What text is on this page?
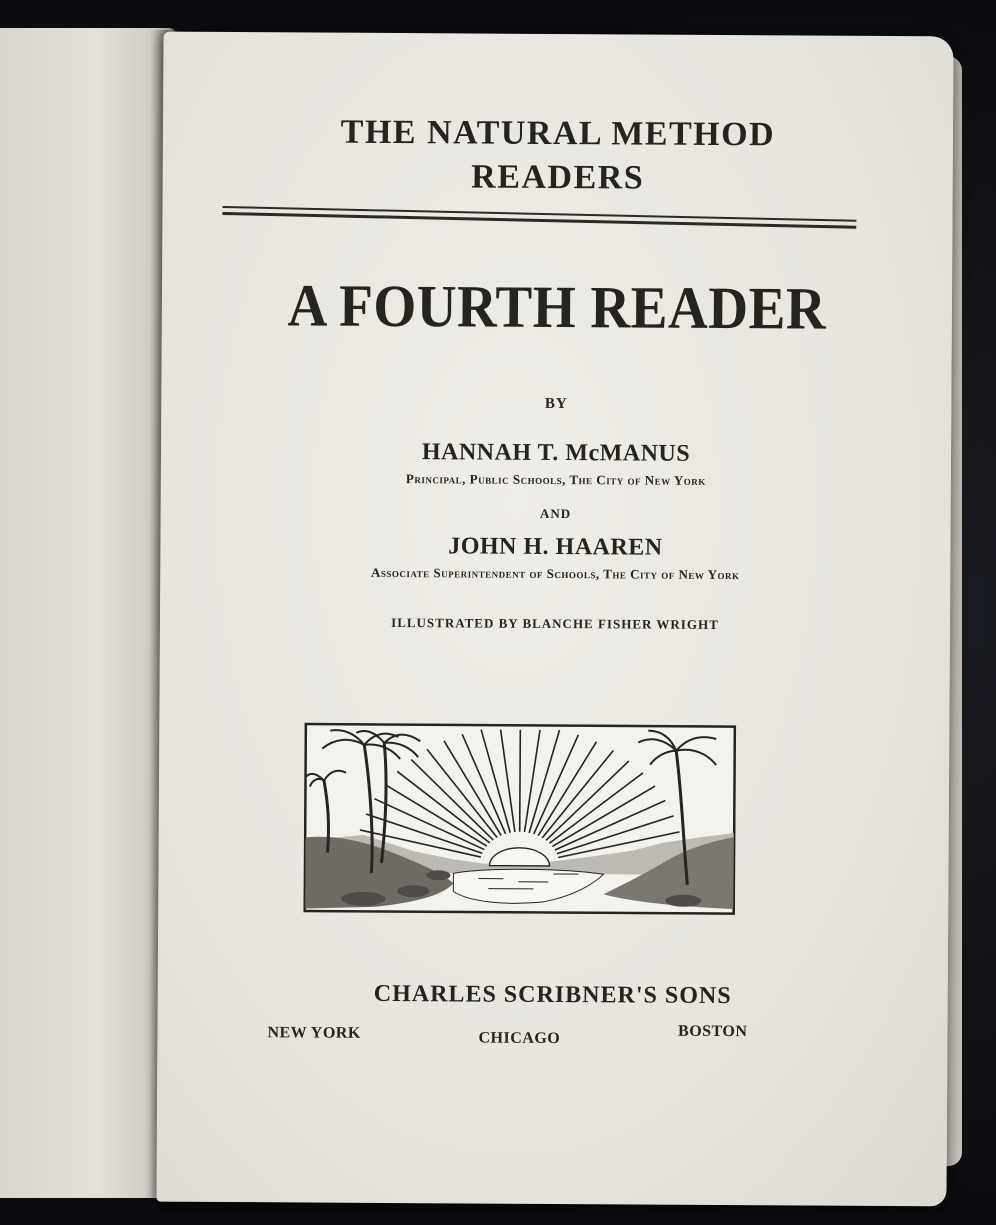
THE NATURAL METHOD
READERS
A FOURTH READER
BY
HANNAH T. McMANUS
Principal, Public Schools, The City of New York
AND
JOHN H. HAAREN
Associate Superintendent of Schools, The City of New York
ILLUSTRATED BY BLANCHE FISHER WRIGHT
CHARLES SCRIBNER'S SONS
NEW YORK	CHICAGO	BOSTON
